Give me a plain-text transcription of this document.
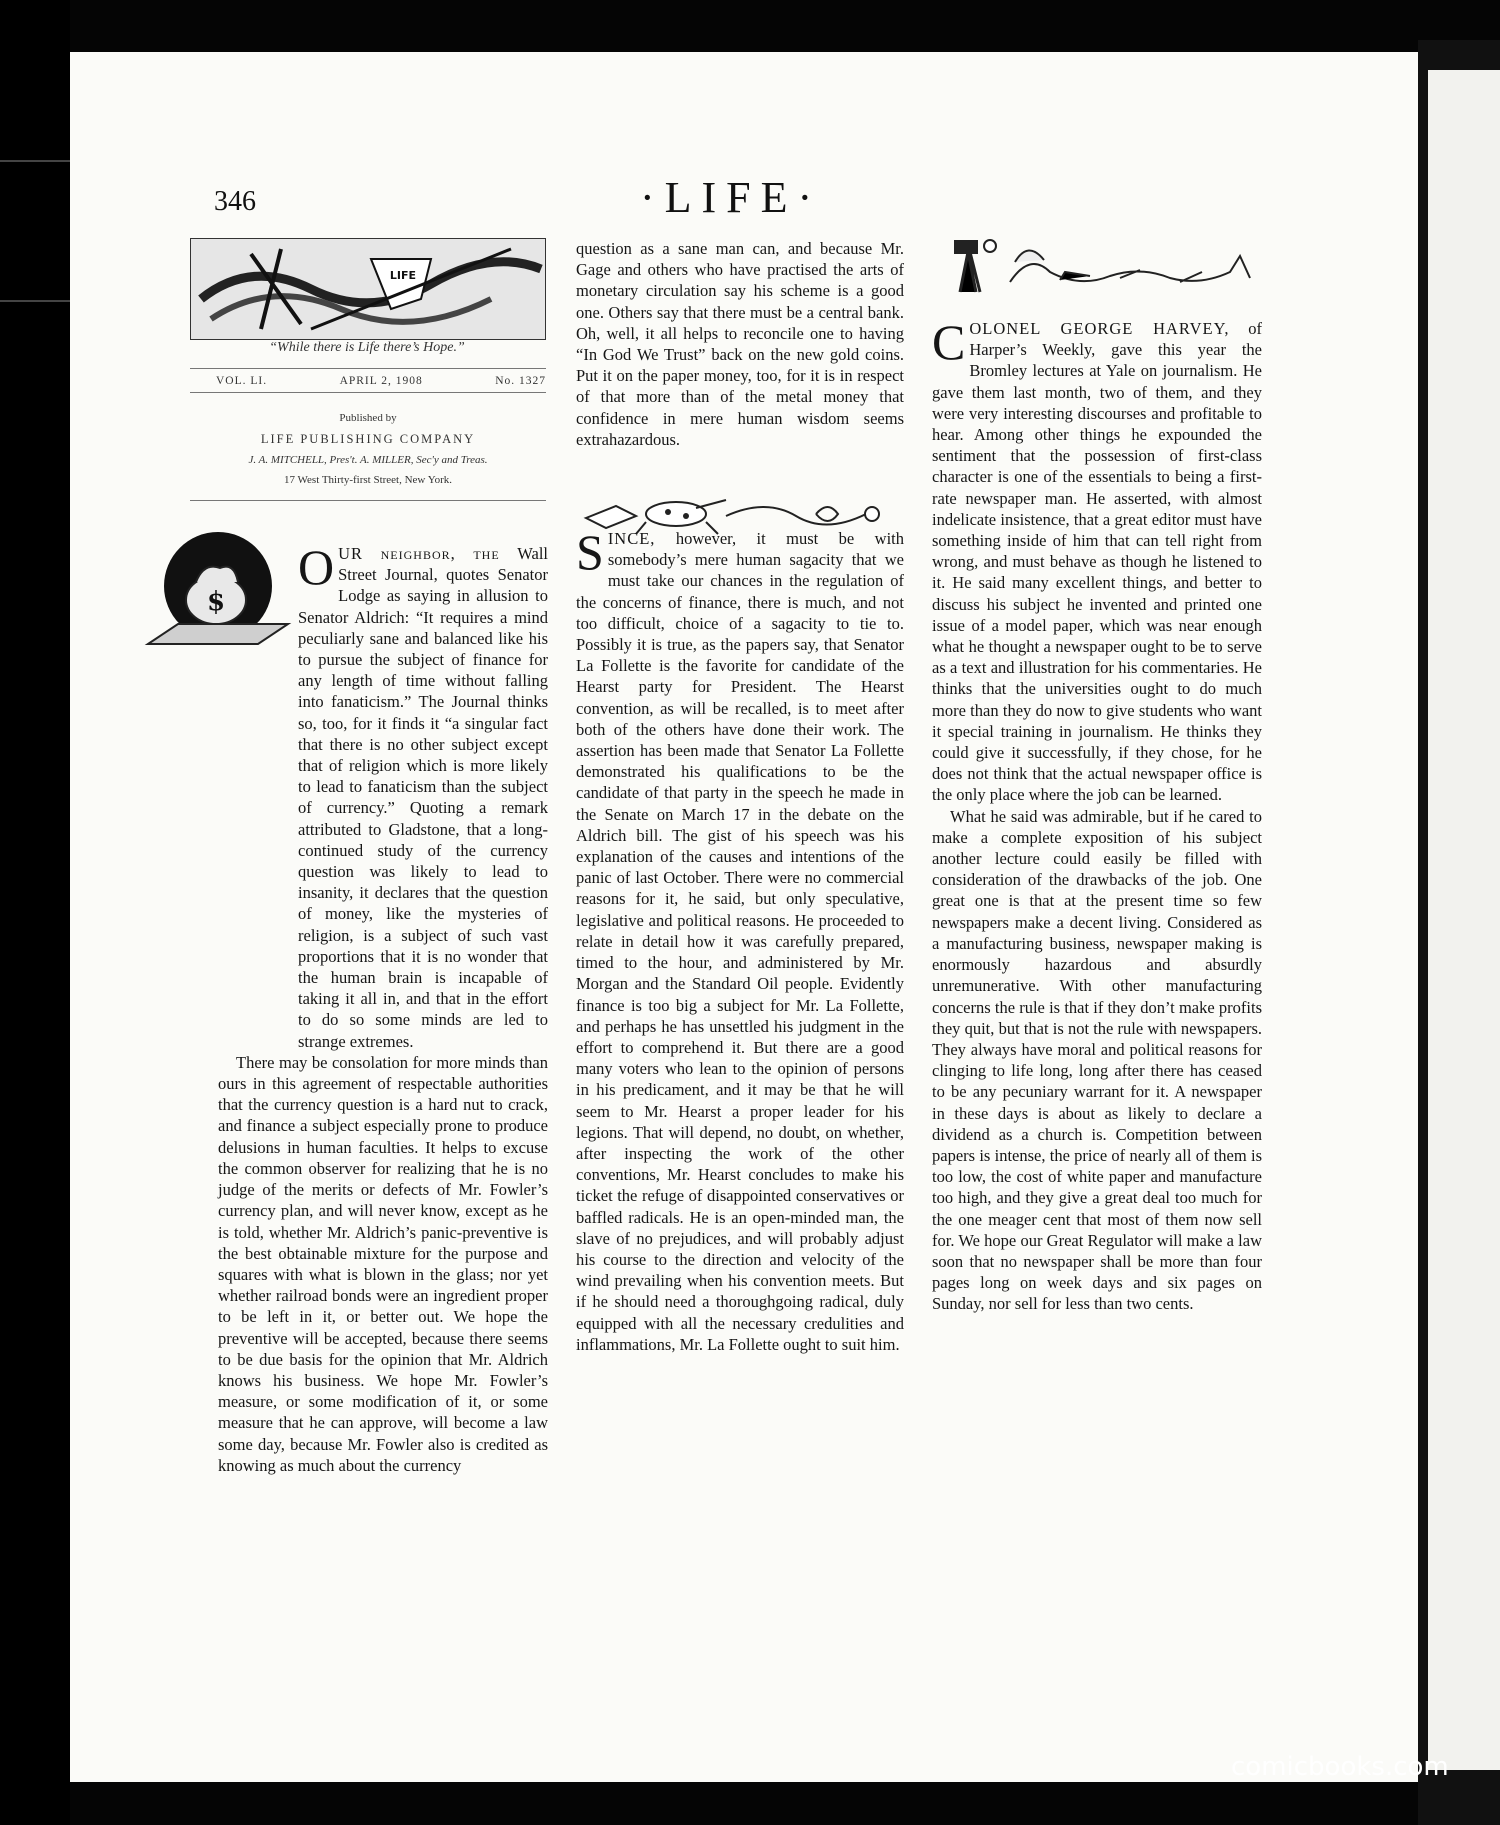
346	·LIFE·
LIFE
“While there is Life there’s Hope.”
VOL. LI.	APRIL 2, 1908	No. 1327
Published by
LIFE PUBLISHING COMPANY
J. A. MITCHELL, Pres't. A. MILLER, Sec'y and Treas.
17 West Thirty-first Street, New York.
$

OUR neighbor, the Wall Street Journal, quotes Senator Lodge as saying in allusion to Senator Aldrich: “It requires a mind peculiarly sane and balanced like his to pursue the subject of finance for any length of time without falling into fanaticism.” The Journal thinks so, too, for it finds it “a singular fact that there is no other subject except that of religion which is more likely to lead to fanaticism than the subject of currency.” Quoting a remark attributed to Gladstone, that a long-continued study of the currency question was likely to lead to insanity, it declares that the question of money, like the mysteries of religion, is a subject of such vast proportions that it is no wonder that the human brain is incapable of taking it all in, and that in the effort to do so some minds are led to strange extremes.

There may be consolation for more minds than ours in this agreement of respectable authorities that the currency question is a hard nut to crack, and finance a subject especially prone to produce delusions in human faculties. It helps to excuse the common observer for realizing that he is no judge of the merits or defects of Mr. Fowler’s currency plan, and will never know, except as he is told, whether Mr. Aldrich’s panic-preventive is the best obtainable mixture for the purpose and squares with what is blown in the glass; nor yet whether railroad bonds were an ingredient proper to be left in it, or better out. We hope the preventive will be accepted, because there seems to be due basis for the opinion that Mr. Aldrich knows his business. We hope Mr. Fowler’s measure, or some modification of it, or some measure that he can approve, will become a law some day, because Mr. Fowler also is credited as knowing as much about the currency

question as a sane man can, and because Mr. Gage and others who have practised the arts of monetary circulation say his scheme is a good one. Others say that there must be a central bank. Oh, well, it all helps to reconcile one to having “In God We Trust” back on the new gold coins. Put it on the paper money, too, for it is in respect of that more than of the metal money that confidence in mere human wisdom seems extrahazardous.

SINCE, however, it must be with somebody’s mere human sagacity that we must take our chances in the regulation of the concerns of finance, there is much, and not too difficult, choice of a sagacity to tie to. Possibly it is true, as the papers say, that Senator La Follette is the favorite for candidate of the Hearst party for President. The Hearst convention, as will be recalled, is to meet after both of the others have done their work. The assertion has been made that Senator La Follette demonstrated his qualifications to be the candidate of that party in the speech he made in the Senate on March 17 in the debate on the Aldrich bill. The gist of his speech was his explanation of the causes and intentions of the panic of last October. There were no commercial reasons for it, he said, but only speculative, legislative and political reasons. He proceeded to relate in detail how it was carefully prepared, timed to the hour, and administered by Mr. Morgan and the Standard Oil people. Evidently finance is too big a subject for Mr. La Follette, and perhaps he has unsettled his judgment in the effort to comprehend it. But there are a good many voters who lean to the opinion of persons in his predicament, and it may be that he will seem to Mr. Hearst a proper leader for his legions. That will depend, no doubt, on whether, after inspecting the work of the other conventions, Mr. Hearst concludes to make his ticket the refuge of disappointed conservatives or baffled radicals. He is an open-minded man, the slave of no prejudices, and will probably adjust his course to the direction and velocity of the wind prevailing when his convention meets. But if he should need a thoroughgoing radical, duly equipped with all the necessary credulities and inflammations, Mr. La Follette ought to suit him.

COLONEL GEORGE HARVEY, of Harper’s Weekly, gave this year the Bromley lectures at Yale on journalism. He gave them last month, two of them, and they were very interesting discourses and profitable to hear. Among other things he expounded the sentiment that the possession of first-class character is one of the essentials to being a first-rate newspaper man. He asserted, with almost indelicate insistence, that a great editor must have something inside of him that can tell right from wrong, and must behave as though he listened to it. He said many excellent things, and better to discuss his subject he invented and printed one issue of a model paper, which was near enough what he thought a newspaper ought to be to serve as a text and illustration for his commentaries. He thinks that the universities ought to do much more than they do now to give students who want it special training in journalism. He thinks they could give it successfully, if they chose, for he does not think that the actual newspaper office is the only place where the job can be learned.

What he said was admirable, but if he cared to make a complete exposition of his subject another lecture could easily be filled with consideration of the drawbacks of the job. One great one is that at the present time so few newspapers make a decent living. Considered as a manufacturing business, newspaper making is enormously hazardous and absurdly unremunerative. With other manufacturing concerns the rule is that if they don’t make profits they quit, but that is not the rule with newspapers. They always have moral and political reasons for clinging to life long, long after there has ceased to be any pecuniary warrant for it. A newspaper in these days is about as likely to declare a dividend as a church is. Competition between papers is intense, the price of nearly all of them is too low, the cost of white paper and manufacture too high, and they give a great deal too much for the one meager cent that most of them now sell for. We hope our Great Regulator will make a law soon that no newspaper shall be more than four pages long on week days and six pages on Sunday, nor sell for less than two cents.

comicbooks.com
